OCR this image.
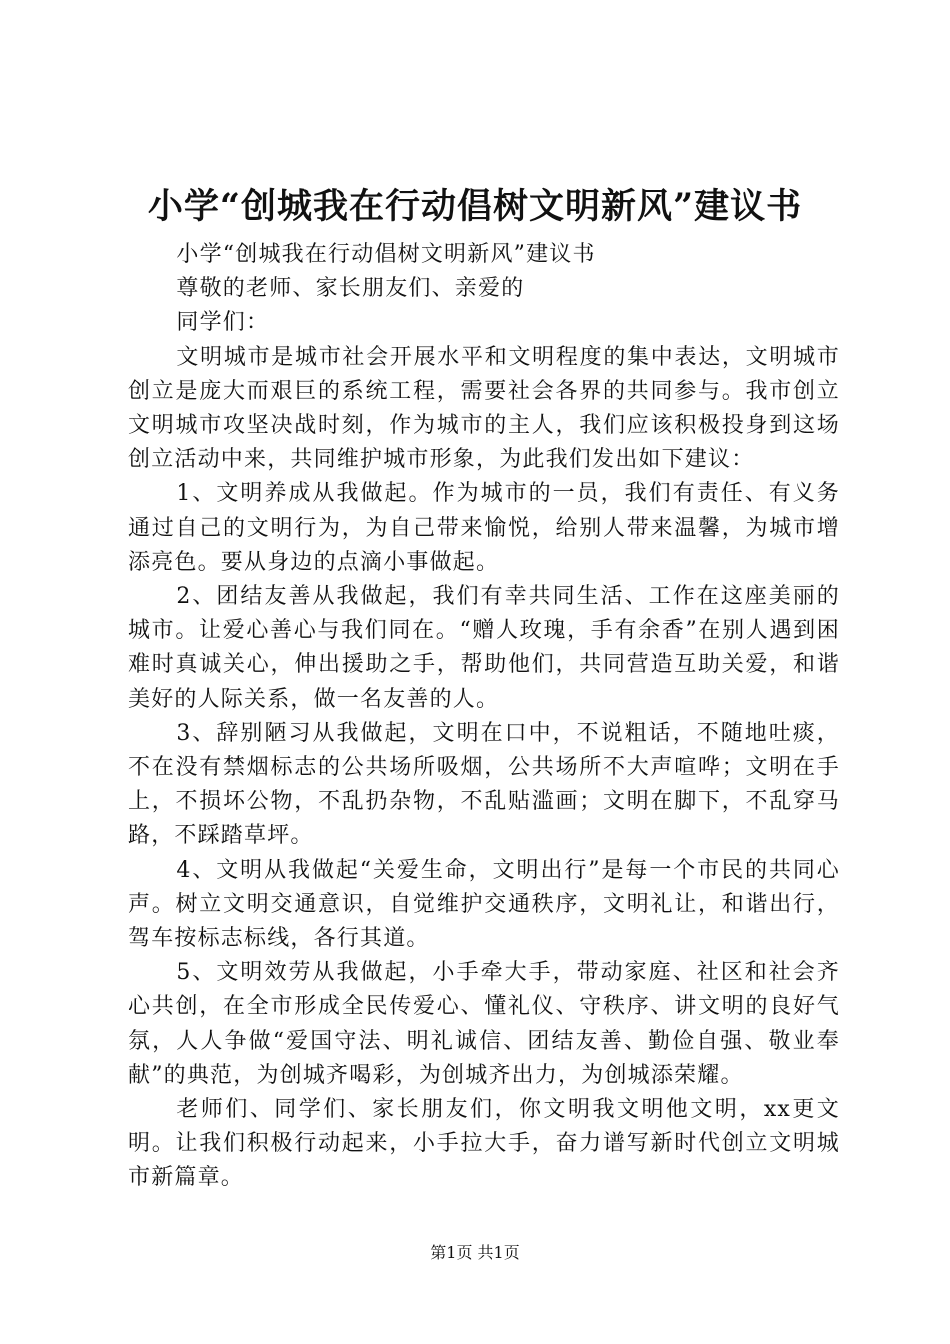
小学“创城我在行动倡树文明新风”建议书

小学“创城我在行动倡树文明新风”建议书

尊敬的老师、家长朋友们、亲爱的

同学们：

文明城市是城市社会开展水平和文明程度的集中表达，文明城市创立是庞大而艰巨的系统工程，需要社会各界的共同参与。我市创立文明城市攻坚决战时刻，作为城市的主人，我们应该积极投身到这场创立活动中来，共同维护城市形象，为此我们发出如下建议：

1、文明养成从我做起。作为城市的一员，我们有责任、有义务通过自己的文明行为，为自己带来愉悦，给别人带来温馨，为城市增添亮色。要从身边的点滴小事做起。

2、团结友善从我做起，我们有幸共同生活、工作在这座美丽的城市。让爱心善心与我们同在。“赠人玫瑰，手有余香”在别人遇到困难时真诚关心，伸出援助之手，帮助他们，共同营造互助关爱，和谐美好的人际关系，做一名友善的人。

3、辞别陋习从我做起，文明在口中，不说粗话，不随地吐痰，不在没有禁烟标志的公共场所吸烟，公共场所不大声喧哗；文明在手上，不损坏公物，不乱扔杂物，不乱贴滥画；文明在脚下，不乱穿马路，不踩踏草坪。

4、文明从我做起“关爱生命，文明出行”是每一个市民的共同心声。树立文明交通意识，自觉维护交通秩序，文明礼让，和谐出行，驾车按标志标线，各行其道。

5、文明效劳从我做起，小手牵大手，带动家庭、社区和社会齐心共创，在全市形成全民传爱心、懂礼仪、守秩序、讲文明的良好气氛，人人争做“爱国守法、明礼诚信、团结友善、勤俭自强、敬业奉献”的典范，为创城齐喝彩，为创城齐出力，为创城添荣耀。

老师们、同学们、家长朋友们，你文明我文明他文明，xx更文明。让我们积极行动起来，小手拉大手，奋力谱写新时代创立文明城市新篇章。

第1页 共1页
